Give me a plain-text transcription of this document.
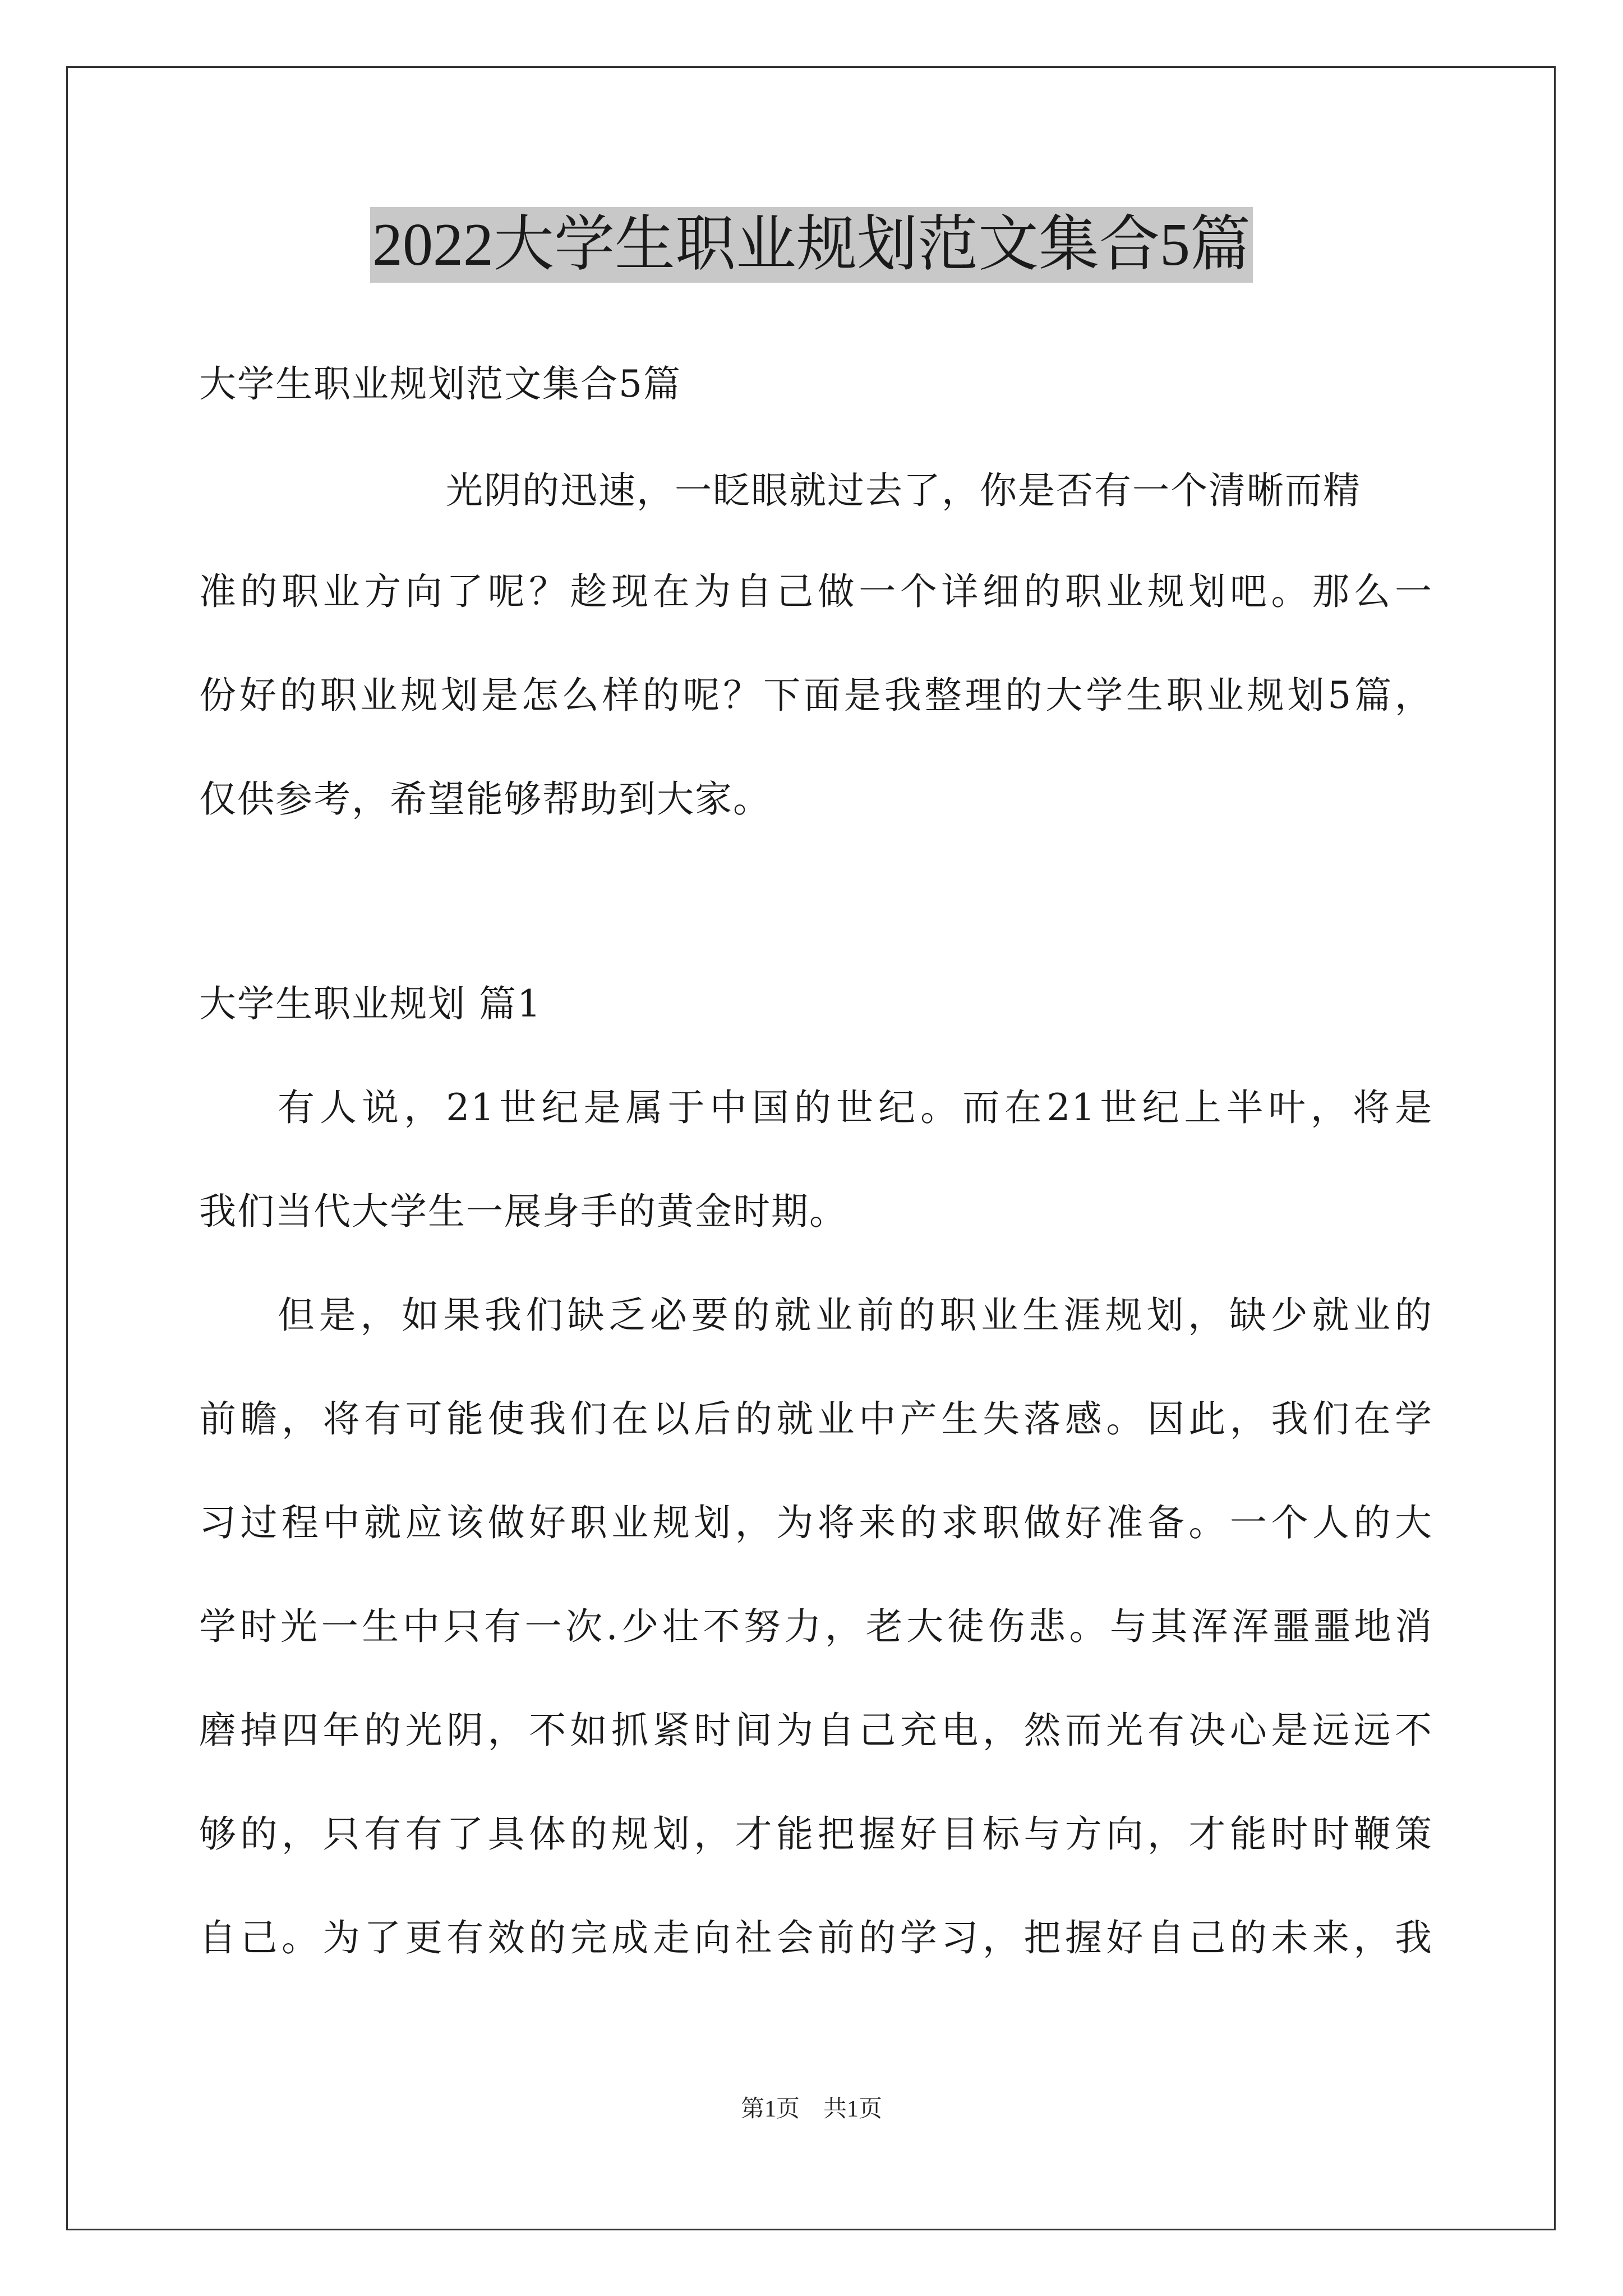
2022大学生职业规划范文集合5篇
大学生职业规划范文集合5篇
光阴的迅速，一眨眼就过去了，你是否有一个清晰而精
准的职业方向了呢？趁现在为自己做一个详细的职业规划吧。那么一
份好的职业规划是怎么样的呢？下面是我整理的大学生职业规划5篇，
仅供参考，希望能够帮助到大家。
大学生职业规划 篇1
有人说，21世纪是属于中国的世纪。而在21世纪上半叶，将是
我们当代大学生一展身手的黄金时期。
但是，如果我们缺乏必要的就业前的职业生涯规划，缺少就业的
前瞻，将有可能使我们在以后的就业中产生失落感。因此，我们在学
习过程中就应该做好职业规划，为将来的求职做好准备。一个人的大
学时光一生中只有一次.少壮不努力，老大徒伤悲。与其浑浑噩噩地消
磨掉四年的光阴，不如抓紧时间为自己充电，然而光有决心是远远不
够的，只有有了具体的规划，才能把握好目标与方向，才能时时鞭策
自己。为了更有效的完成走向社会前的学习，把握好自己的未来，我
第1页　共1页
